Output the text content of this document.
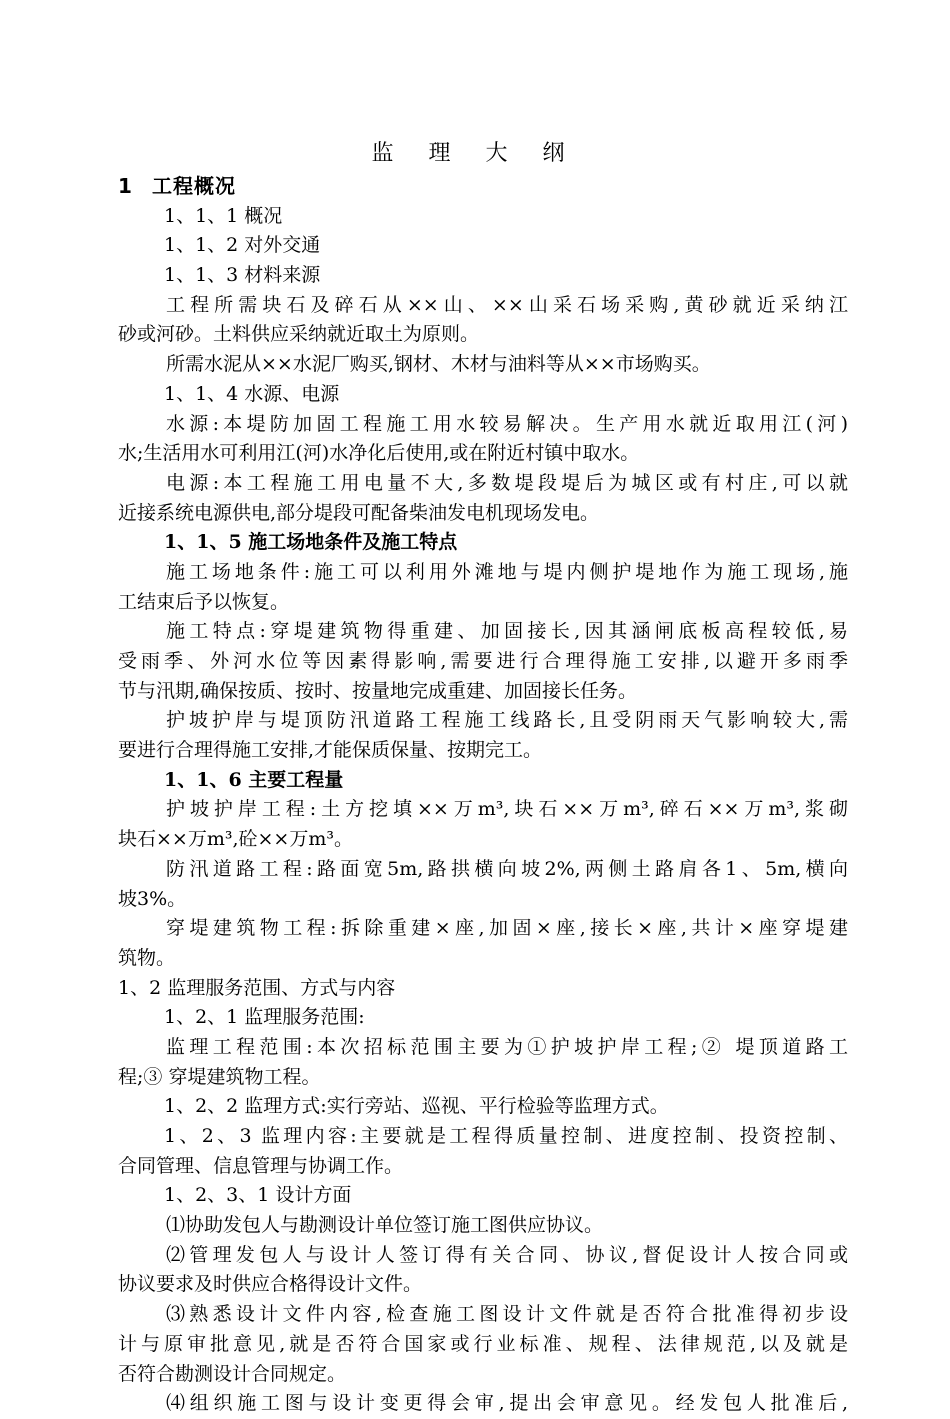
监 理 大 纲
1 工程概况
1、1、1 概况
1、1、2 对外交通
1、1、3 材料来源
工程所需块石及碎石从××山、××山采石场采购,黄砂就近采纳江
砂或河砂。土料供应采纳就近取土为原则。
所需水泥从××水泥厂购买,钢材、木材与油料等从××市场购买。
1、1、4 水源、电源
水源:本堤防加固工程施工用水较易解决。生产用水就近取用江(河)
水;生活用水可利用江(河)水净化后使用,或在附近村镇中取水。
电源:本工程施工用电量不大,多数堤段堤后为城区或有村庄,可以就
近接系统电源供电,部分堤段可配备柴油发电机现场发电。
1、1、5 施工场地条件及施工特点
施工场地条件:施工可以利用外滩地与堤内侧护堤地作为施工现场,施
工结束后予以恢复。
施工特点:穿堤建筑物得重建、加固接长,因其涵闸底板高程较低,易
受雨季、外河水位等因素得影响,需要进行合理得施工安排,以避开多雨季
节与汛期,确保按质、按时、按量地完成重建、加固接长任务。
护坡护岸与堤顶防汛道路工程施工线路长,且受阴雨天气影响较大,需
要进行合理得施工安排,才能保质保量、按期完工。
1、1、6 主要工程量
护坡护岸工程:土方挖填××万m³,块石××万m³,碎石××万m³,浆砌
块石××万m³,砼××万m³。
防汛道路工程:路面宽5m,路拱横向坡2%,两侧土路肩各1、5m,横向
坡3%。
穿堤建筑物工程:拆除重建×座,加固×座,接长×座,共计×座穿堤建
筑物。
1、2 监理服务范围、方式与内容
1、2、1 监理服务范围:
监理工程范围:本次招标范围主要为①护坡护岸工程;② 堤顶道路工
程;③ 穿堤建筑物工程。
1、2、2 监理方式:实行旁站、巡视、平行检验等监理方式。
1、2、3 监理内容:主要就是工程得质量控制、进度控制、投资控制、
合同管理、信息管理与协调工作。
1、2、3、1 设计方面
⑴协助发包人与勘测设计单位签订施工图供应协议。
⑵管理发包人与设计人签订得有关合同、协议,督促设计人按合同或
协议要求及时供应合格得设计文件。
⑶熟悉设计文件内容,检查施工图设计文件就是否符合批准得初步设
计与原审批意见,就是否符合国家或行业标准、规程、法律规范,以及就是
否符合勘测设计合同规定。
⑷组织施工图与设计变更得会审,提出会审意见。经发包人批准后,
